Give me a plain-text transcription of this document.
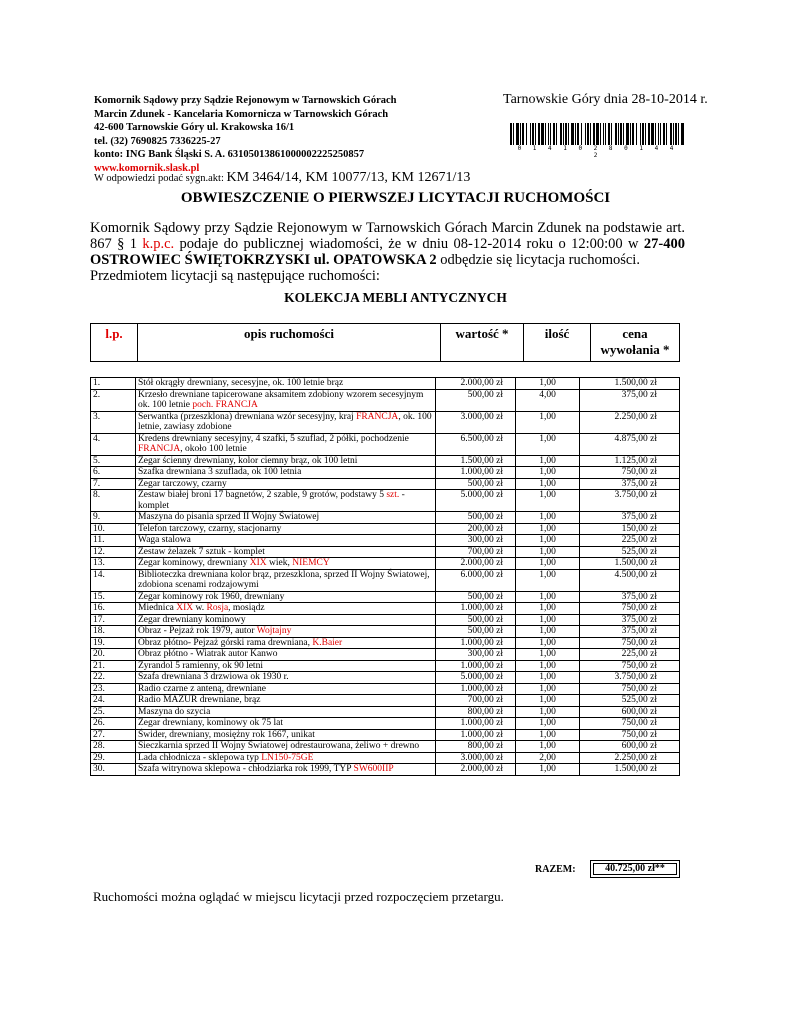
Komornik Sądowy przy Sądzie Rejonowym w Tarnowskich Górach
Marcin Zdunek - Kancelaria Komornicza w Tarnowskich Górach
42-600 Tarnowskie Góry ul. Krakowska 16/1
tel. (32) 7690825 7336225-27
konto: ING Bank Śląski S. A. 63105013861000002225250857
www.komornik.slask.pl
W odpowiedzi podać sygn.akt: KM 3464/14, KM 10077/13, KM 12671/13
Tarnowskie Góry dnia 28-10-2014 r.
0 1 4 1 0 2 8 0 1 4 4 2
OBWIESZCZENIE O PIERWSZEJ LICYTACJI RUCHOMOŚCI
Komornik Sądowy przy Sądzie Rejonowym w Tarnowskich Górach Marcin Zdunek na podstawie art. 867 § 1 k.p.c. podaje do publicznej wiadomości, że w dniu 08-12-2014 roku o 12:00:00 w 27-400 OSTROWIEC ŚWIĘTOKRZYSKI ul. OPATOWSKA 2 odbędzie się licytacja ruchomości.
Przedmiotem licytacji są następujące ruchomości:
KOLEKCJA MEBLI ANTYCZNYCH
l.p.	opis ruchomości	wartość *	ilość	cena
wywołania *
1.	Stół okrągły drewniany, secesyjne, ok. 100 letnie brąz	2.000,00 zł	1,00	1.500,00 zł
2.	Krzesło drewniane tapicerowane aksamitem zdobiony wzorem secesyjnym ok. 100 letnie poch. FRANCJA	500,00 zł	4,00	375,00 zł
3.	Serwantka (przeszklona) drewniana wzór secesyjny, kraj FRANCJA, ok. 100 letnie, zawiasy zdobione	3.000,00 zł	1,00	2.250,00 zł
4.	Kredens drewniany secesyjny, 4 szafki, 5 szuflad, 2 półki, pochodzenie FRANCJA, około 100 letnie	6.500,00 zł	1,00	4.875,00 zł
5.	Zegar ścienny drewniany, kolor ciemny brąz, ok 100 letni	1.500,00 zł	1,00	1.125,00 zł
6.	Szafka drewniana 3 szuflada, ok 100 letnia	1.000,00 zł	1,00	750,00 zł
7.	Zegar tarczowy, czarny	500,00 zł	1,00	375,00 zł
8.	Zestaw białej broni 17 bagnetów, 2 szable, 9 grotów, podstawy 5 szt. - komplet	5.000,00 zł	1,00	3.750,00 zł
9.	Maszyna do pisania sprzed II Wojny Światowej	500,00 zł	1,00	375,00 zł
10.	Telefon tarczowy, czarny, stacjonarny	200,00 zł	1,00	150,00 zł
11.	Waga stalowa	300,00 zł	1,00	225,00 zł
12.	Zestaw żelazek 7 sztuk - komplet	700,00 zł	1,00	525,00 zł
13.	Zegar kominowy, drewniany XIX wiek, NIEMCY	2.000,00 zł	1,00	1.500,00 zł
14.	Biblioteczka drewniana kolor brąz, przeszklona, sprzed II Wojny Światowej, zdobiona scenami rodzajowymi	6.000,00 zł	1,00	4.500,00 zł
15.	Zegar kominowy rok 1960, drewniany	500,00 zł	1,00	375,00 zł
16.	Miednica XIX w. Rosja, mosiądz	1.000,00 zł	1,00	750,00 zł
17.	Zegar drewniany kominowy	500,00 zł	1,00	375,00 zł
18.	Obraz - Pejzaż rok 1979, autor Wojtajny	500,00 zł	1,00	375,00 zł
19.	Obraz płótno- Pejzaż górski rama drewniana, K.Baier	1.000,00 zł	1,00	750,00 zł
20.	Obraz płótno - Wiatrak autor Kanwo	300,00 zł	1,00	225,00 zł
21.	Żyrandol 5 ramienny, ok 90 letni	1.000,00 zł	1,00	750,00 zł
22.	Szafa drewniana 3 drzwiowa ok 1930 r.	5.000,00 zł	1,00	3.750,00 zł
23.	Radio czarne z anteną, drewniane	1.000,00 zł	1,00	750,00 zł
24.	Radio MAZUR drewniane, brąz	700,00 zł	1,00	525,00 zł
25.	Maszyna do szycia	800,00 zł	1,00	600,00 zł
26.	Zegar drewniany, kominowy ok 75 lat	1.000,00 zł	1,00	750,00 zł
27.	Świder, drewniany, mosiężny rok 1667, unikat	1.000,00 zł	1,00	750,00 zł
28.	Sieczkarnia sprzed II Wojny Światowej odrestaurowana, żeliwo + drewno	800,00 zł	1,00	600,00 zł
29.	Lada chłodnicza - sklepowa typ LN150-75GE	3.000,00 zł	2,00	2.250,00 zł
30.	Szafa witrynowa sklepowa - chłodziarka rok 1999, TYP SW600IIP	2.000,00 zł	1,00	1.500,00 zł
RAZEM:	40.725,00 zł**
Ruchomości można oglądać w miejscu licytacji przed rozpoczęciem przetargu.
